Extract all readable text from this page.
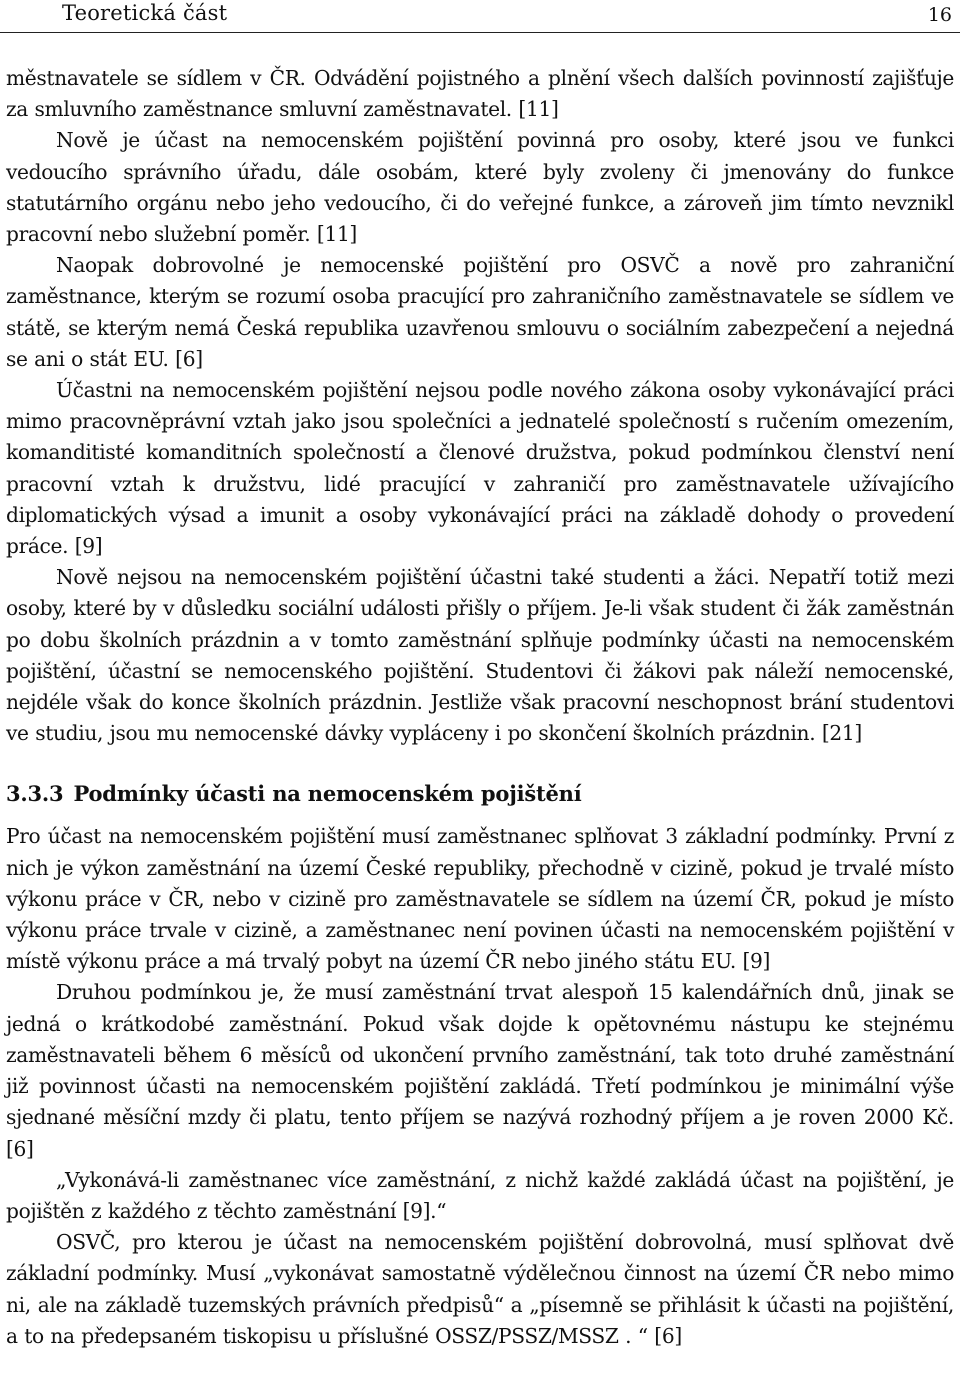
Teoretická část	16

městnavatele se sídlem v ČR. Odvádění pojistného a plnění všech dalších povinností zajišťuje za smluvního zaměstnance smluvní zaměstnavatel. [11]

Nově je účast na nemocenském pojištění povinná pro osoby, které jsou ve funkci vedoucího správního úřadu, dále osobám, které byly zvoleny či jmenovány do funkce statutárního orgánu nebo jeho vedoucího, či do veřejné funkce, a zároveň jim tímto nevznikl pracovní nebo služební poměr. [11]

Naopak dobrovolné je nemocenské pojištění pro OSVČ a nově pro zahraniční zaměstnance, kterým se rozumí osoba pracující pro zahraničního zaměstnavatele se sídlem ve státě, se kterým nemá Česká republika uzavřenou smlouvu o sociálním zabezpečení a nejedná se ani o stát EU. [6]

Účastni na nemocenském pojištění nejsou podle nového zákona osoby vykonávající práci mimo pracovněprávní vztah jako jsou společníci a jednatelé společností s ručením omezením, komanditisté komanditních společností a členové družstva, pokud podmínkou členství není pracovní vztah k družstvu, lidé pracující v zahraničí pro zaměstnavatele užívajícího diplomatických výsad a imunit a osoby vykonávající práci na základě dohody o provedení práce. [9]

Nově nejsou na nemocenském pojištění účastni také studenti a žáci. Nepatří totiž mezi osoby, které by v důsledku sociální události přišly o příjem. Je-li však student či žák zaměstnán po dobu školních prázdnin a v tomto zaměstnání splňuje podmínky účasti na nemocenském pojištění, účastní se nemocenského pojištění. Studentovi či žákovi pak náleží nemocenské, nejdéle však do konce školních prázdnin. Jestliže však pracovní neschopnost brání studentovi ve studiu, jsou mu nemocenské dávky vypláceny i po skončení školních prázdnin. [21]

3.3.3 Podmínky účasti na nemocenském pojištění

Pro účast na nemocenském pojištění musí zaměstnanec splňovat 3 základní podmínky. První z nich je výkon zaměstnání na území České republiky, přechodně v cizině, pokud je trvalé místo výkonu práce v ČR, nebo v cizině pro zaměstnavatele se sídlem na území ČR, pokud je místo výkonu práce trvale v cizině, a zaměstnanec není povinen účasti na nemocenském pojištění v místě výkonu práce a má trvalý pobyt na území ČR nebo jiného státu EU. [9]

Druhou podmínkou je, že musí zaměstnání trvat alespoň 15 kalendářních dnů, jinak se jedná o krátkodobé zaměstnání. Pokud však dojde k opětovnému nástupu ke stejnému zaměstnavateli během 6 měsíců od ukončení prvního zaměstnání, tak toto druhé zaměstnání již povinnost účasti na nemocenském pojištění zakládá. Třetí podmínkou je minimální výše sjednané měsíční mzdy či platu, tento příjem se nazývá rozhodný příjem a je roven 2000 Kč. [6]

„Vykonává-li zaměstnanec více zaměstnání, z nichž každé zakládá účast na pojištění, je pojištěn z každého z těchto zaměstnání [9].“

OSVČ, pro kterou je účast na nemocenském pojištění dobrovolná, musí splňovat dvě základní podmínky. Musí „vykonávat samostatně výdělečnou činnost na území ČR nebo mimo ni, ale na základě tuzemských právních předpisů“ a „písemně se přihlásit k účasti na pojištění, a to na předepsaném tiskopisu u příslušné OSSZ/PSSZ/MSSZ . “ [6]
